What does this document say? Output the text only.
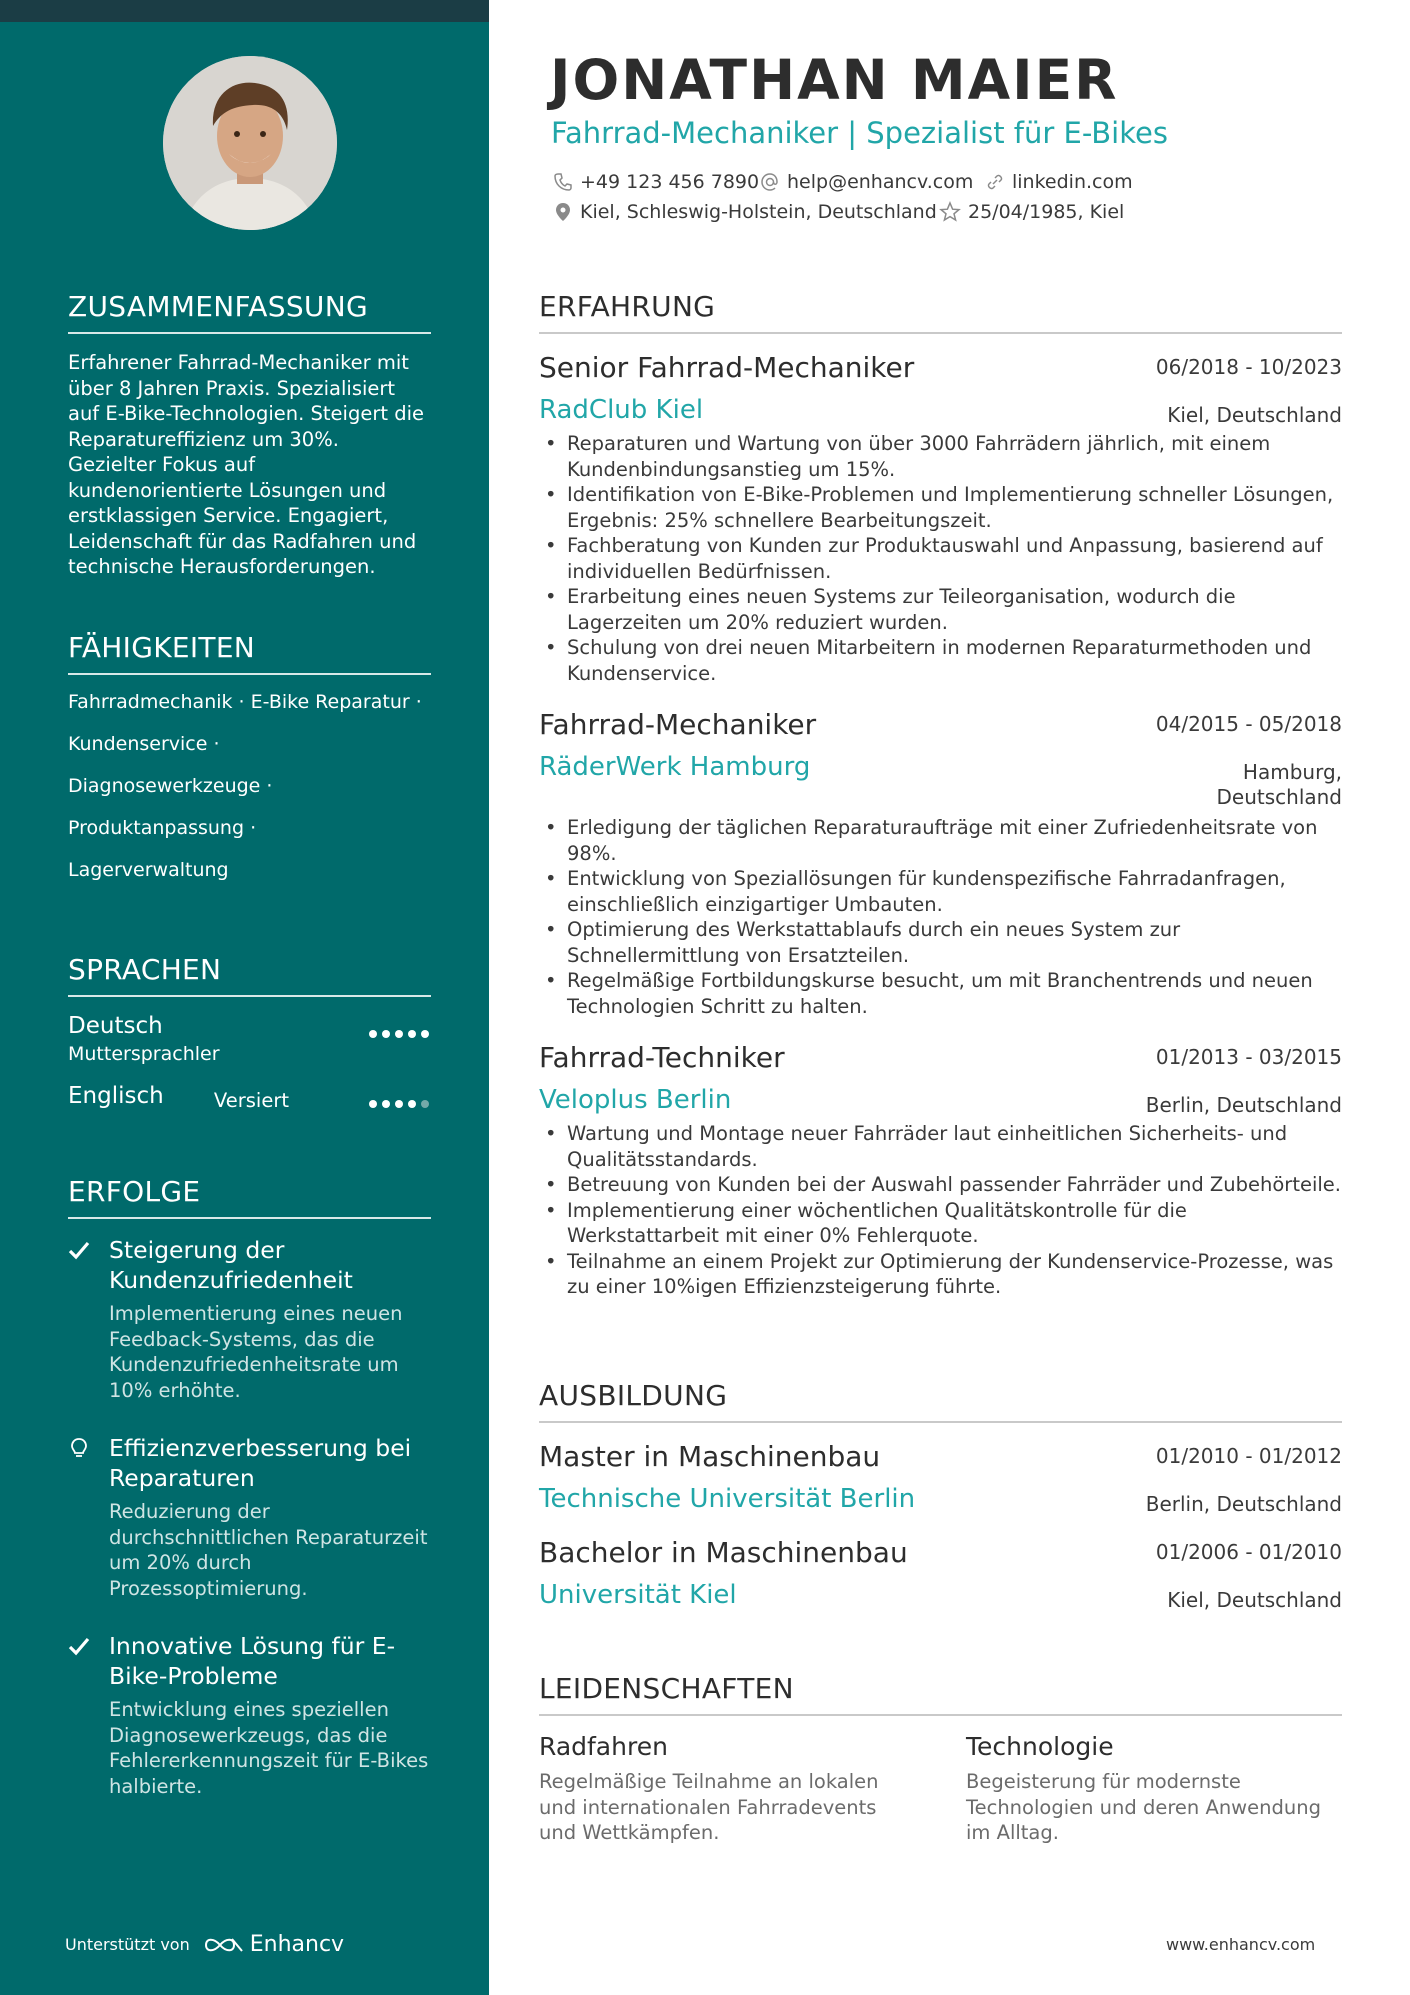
ZUSAMMENFASSUNG
Erfahrener Fahrrad-Mechaniker mit über 8 Jahren Praxis. Spezialisiert auf E-Bike-Technologien. Steigert die Reparatureffizienz um 30%. Gezielter Fokus auf kundenorientierte Lösungen und erstklassigen Service. Engagiert, Leidenschaft für das Radfahren und technische Herausforderungen.
FÄHIGKEITEN
Fahrradmechanik · E-Bike Reparatur ·
Kundenservice ·
Diagnosewerkzeuge ·
Produktanpassung ·
Lagerverwaltung
SPRACHEN
Deutsch
Muttersprachler
Englisch	Versiert
ERFOLGE
Steigerung der Kundenzufriedenheit
Implementierung eines neuen Feedback-Systems, das die Kundenzufriedenheitsrate um 10% erhöhte.
Effizienzverbesserung bei Reparaturen
Reduzierung der durchschnittlichen Reparaturzeit um 20% durch Prozessoptimierung.
Innovative Lösung für E-Bike-Probleme
Entwicklung eines speziellen Diagnosewerkzeugs, das die Fehlererkennungszeit für E-Bikes halbierte.
Unterstützt von	Enhancv
JONATHAN MAIER
Fahrrad-Mechaniker | Spezialist für E-Bikes
+49 123 456 7890 help@enhancv.com linkedin.com
Kiel, Schleswig-Holstein, Deutschland 25/04/1985, Kiel
ERFAHRUNG
Senior Fahrrad-Mechaniker	06/2018 - 10/2023
RadClub Kiel	Kiel, Deutschland
• Reparaturen und Wartung von über 3000 Fahrrädern jährlich, mit einem Kundenbindungsanstieg um 15%.
• Identifikation von E-Bike-Problemen und Implementierung schneller Lösungen, Ergebnis: 25% schnellere Bearbeitungszeit.
• Fachberatung von Kunden zur Produktauswahl und Anpassung, basierend auf individuellen Bedürfnissen.
• Erarbeitung eines neuen Systems zur Teileorganisation, wodurch die Lagerzeiten um 20% reduziert wurden.
• Schulung von drei neuen Mitarbeitern in modernen Reparaturmethoden und Kundenservice.
Fahrrad-Mechaniker	04/2015 - 05/2018
RäderWerk Hamburg	Hamburg, Deutschland
• Erledigung der täglichen Reparaturaufträge mit einer Zufriedenheitsrate von 98%.
• Entwicklung von Speziallösungen für kundenspezifische Fahrradanfragen, einschließlich einzigartiger Umbauten.
• Optimierung des Werkstattablaufs durch ein neues System zur Schnellermittlung von Ersatzteilen.
• Regelmäßige Fortbildungskurse besucht, um mit Branchentrends und neuen Technologien Schritt zu halten.
Fahrrad-Techniker	01/2013 - 03/2015
Veloplus Berlin	Berlin, Deutschland
• Wartung und Montage neuer Fahrräder laut einheitlichen Sicherheits- und Qualitätsstandards.
• Betreuung von Kunden bei der Auswahl passender Fahrräder und Zubehörteile.
• Implementierung einer wöchentlichen Qualitätskontrolle für die Werkstattarbeit mit einer 0% Fehlerquote.
• Teilnahme an einem Projekt zur Optimierung der Kundenservice-Prozesse, was zu einer 10%igen Effizienzsteigerung führte.
AUSBILDUNG
Master in Maschinenbau	01/2010 - 01/2012
Technische Universität Berlin	Berlin, Deutschland
Bachelor in Maschinenbau	01/2006 - 01/2010
Universität Kiel	Kiel, Deutschland
LEIDENSCHAFTEN
Radfahren
Regelmäßige Teilnahme an lokalen und internationalen Fahrradevents und Wettkämpfen.
Technologie
Begeisterung für modernste Technologien und deren Anwendung im Alltag.
www.enhancv.com
